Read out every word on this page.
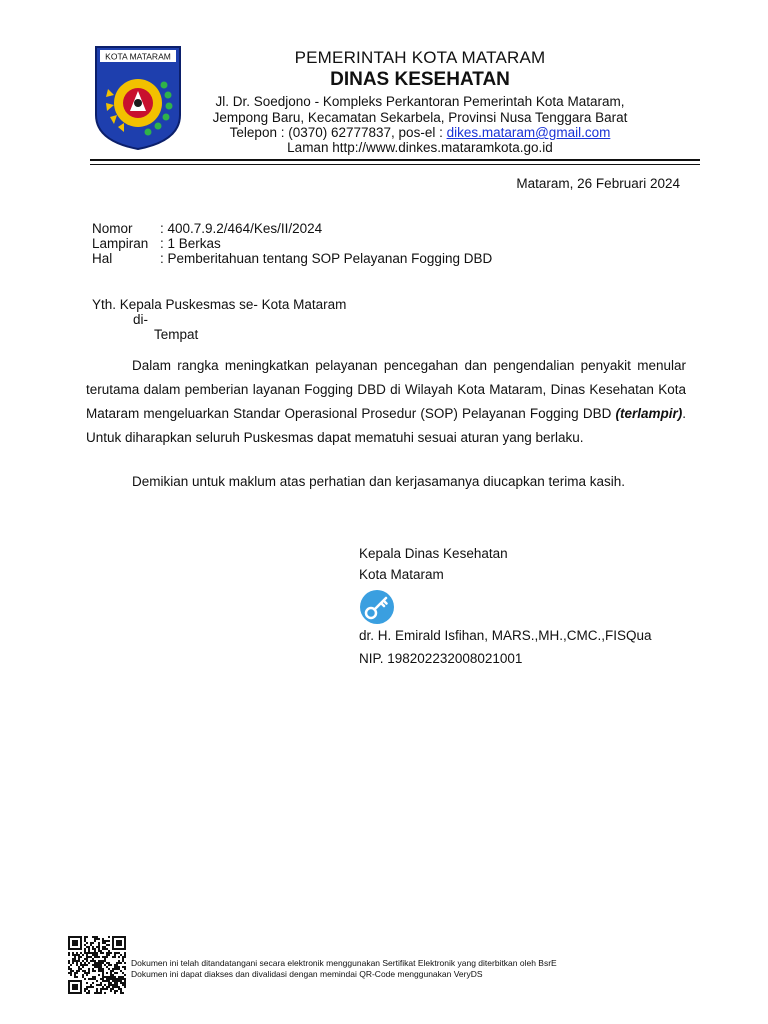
KOTA MATARAM	PEMERINTAH KOTA MATARAM
DINAS KESEHATAN
Jl. Dr. Soedjono - Kompleks Perkantoran Pemerintah Kota Mataram,
Jempong Baru, Kecamatan Sekarbela, Provinsi Nusa Tenggara Barat
Telepon : (0370) 62777837, pos-el : dikes.mataram@gmail.com
Laman http://www.dinkes.mataramkota.go.id
Mataram, 26 Februari 2024
Nomor : 400.7.9.2/464/Kes/II/2024
Lampiran : 1 Berkas
Hal	: Pemberitahuan tentang SOP Pelayanan Fogging DBD
Yth. Kepala Puskesmas se- Kota Mataram
di-
Tempat

Dalam rangka meningkatkan pelayanan pencegahan dan pengendalian penyakit menular terutama dalam pemberian layanan Fogging DBD di Wilayah Kota Mataram, Dinas Kesehatan Kota Mataram mengeluarkan Standar Operasional Prosedur (SOP) Pelayanan Fogging DBD (terlampir). Untuk diharapkan seluruh Puskesmas dapat mematuhi sesuai aturan yang berlaku.

Demikian untuk maklum atas perhatian dan kerjasamanya diucapkan terima kasih.
Kepala Dinas Kesehatan
Kota Mataram
dr. H. Emirald Isfihan, MARS.,MH.,CMC.,FISQua
NIP. 198202232008021001
Dokumen ini telah ditandatangani secara elektronik menggunakan Sertifikat Elektronik yang diterbitkan oleh BsrE
Dokumen ini dapat diakses dan divalidasi dengan memindai QR-Code menggunakan VeryDS
